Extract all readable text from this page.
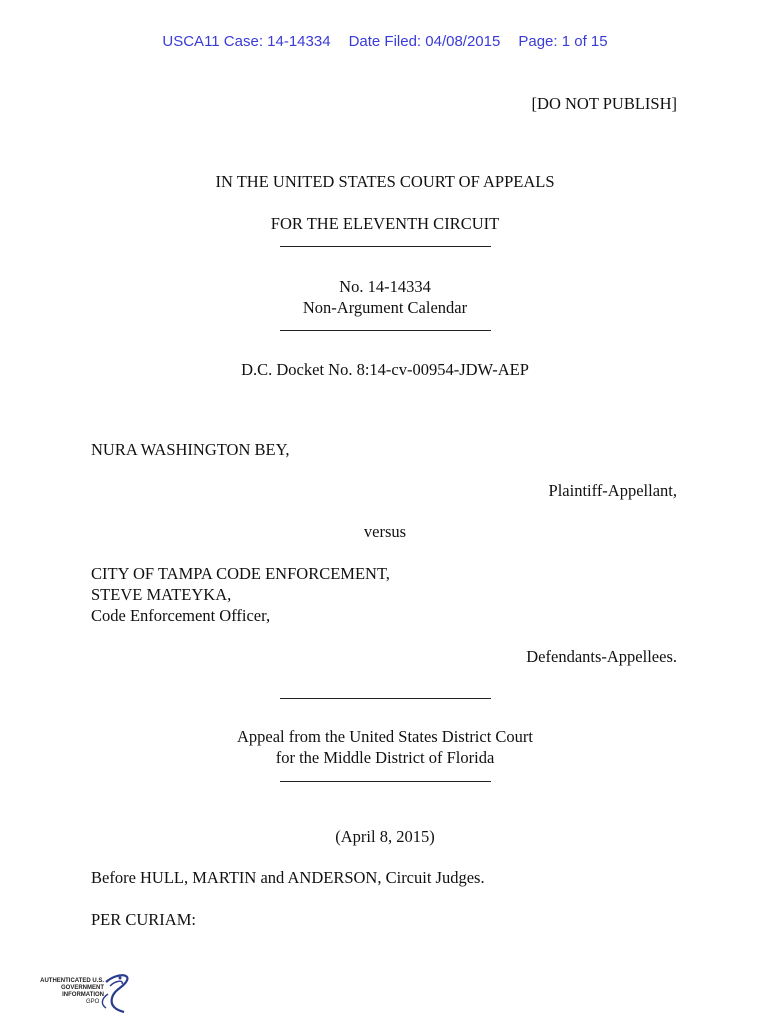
USCA11 Case: 14-14334 Date Filed: 04/08/2015 Page: 1 of 15
[DO NOT PUBLISH]
IN THE UNITED STATES COURT OF APPEALS
FOR THE ELEVENTH CIRCUIT
No. 14-14334
Non-Argument Calendar
D.C. Docket No. 8:14-cv-00954-JDW-AEP
NURA WASHINGTON BEY,
Plaintiff-Appellant,
versus
CITY OF TAMPA CODE ENFORCEMENT,
STEVE MATEYKA,
Code Enforcement Officer,
Defendants-Appellees.
Appeal from the United States District Court
for the Middle District of Florida
(April 8, 2015)
Before HULL, MARTIN and ANDERSON, Circuit Judges.
PER CURIAM:
AUTHENTICATED U.S. GOVERNMENT INFORMATION
GPO
